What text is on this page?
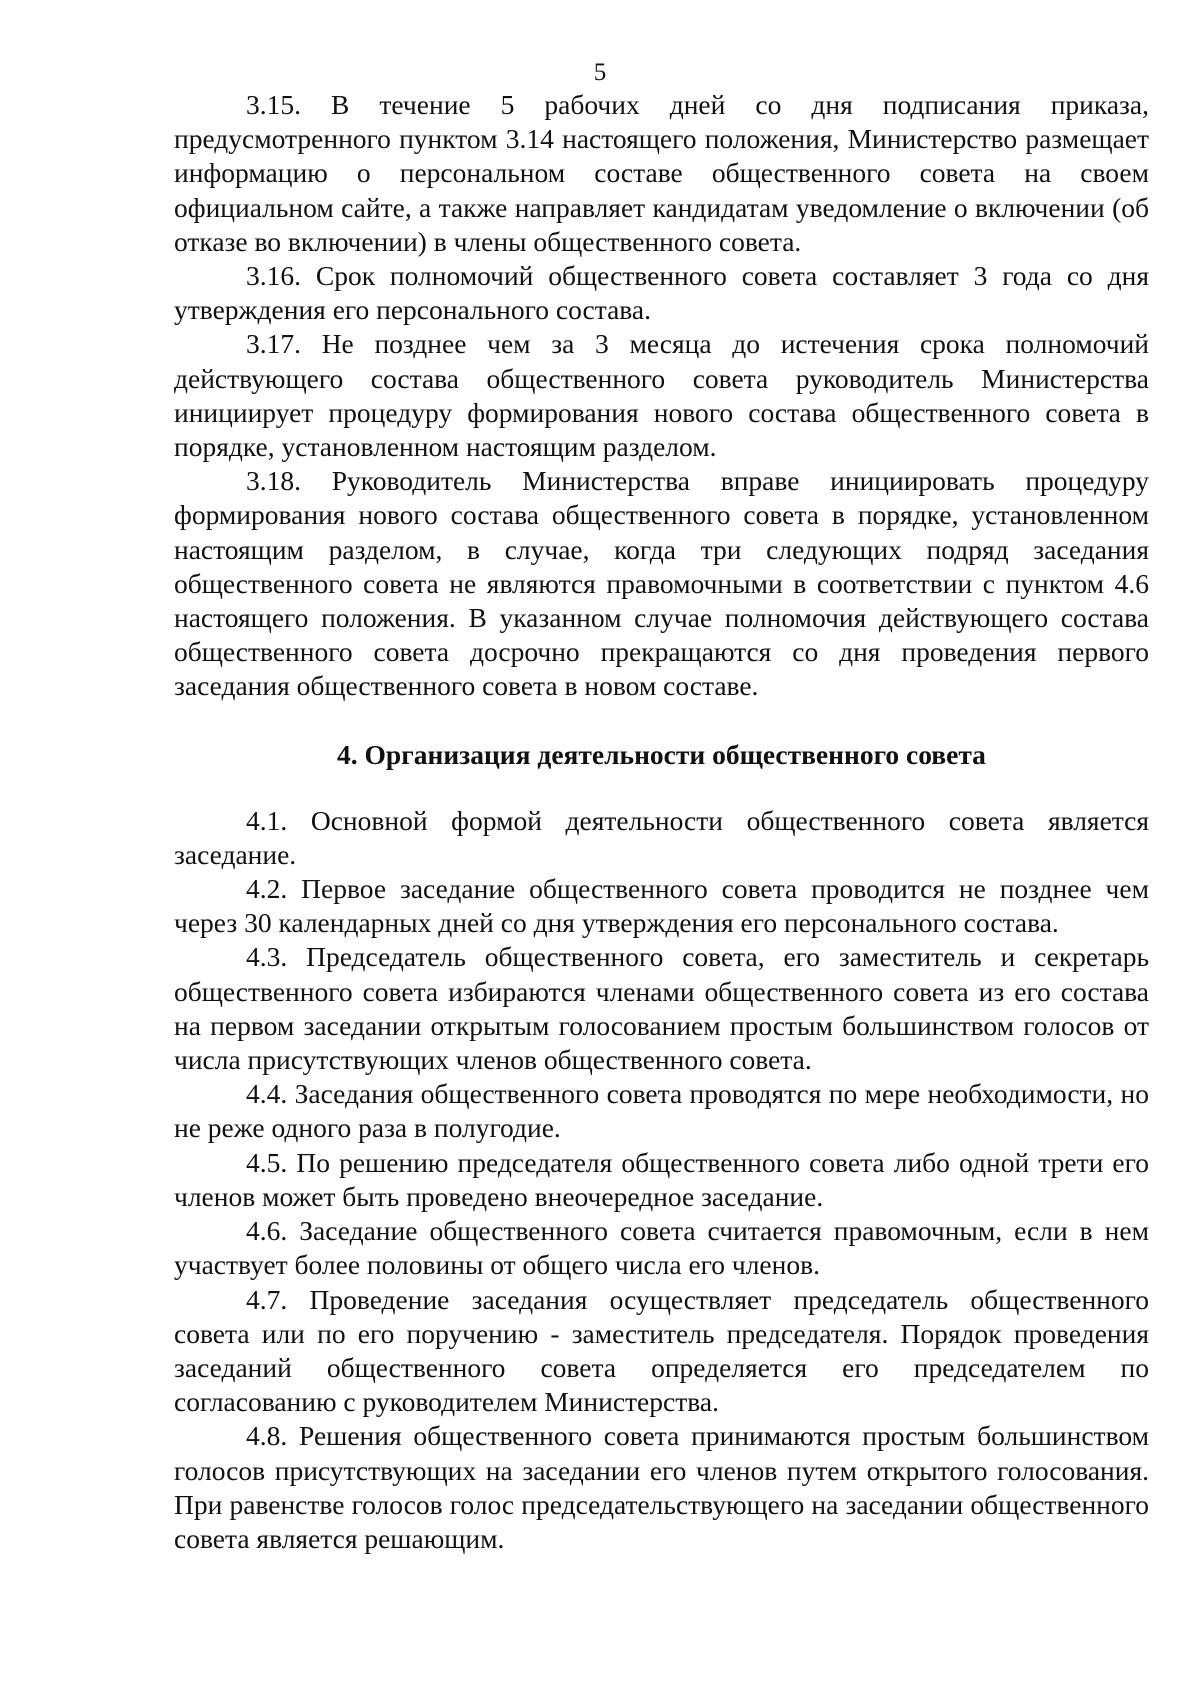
5

3.15. В течение 5 рабочих дней со дня подписания приказа, предусмотренного пунктом 3.14 настоящего положения, Министерство размещает информацию о персональном составе общественного совета на своем официальном сайте, а также направляет кандидатам уведомление о включении (об отказе во включении) в члены общественного совета.

3.16. Срок полномочий общественного совета составляет 3 года со дня утверждения его персонального состава.

3.17. Не позднее чем за 3 месяца до истечения срока полномочий действующего состава общественного совета руководитель Министерства инициирует процедуру формирования нового состава общественного совета в порядке, установленном настоящим разделом.

3.18. Руководитель Министерства вправе инициировать процедуру формирования нового состава общественного совета в порядке, установленном настоящим разделом, в случае, когда три следующих подряд заседания общественного совета не являются правомочными в соответствии с пунктом 4.6 настоящего положения. В указанном случае полномочия действующего состава общественного совета досрочно прекращаются со дня проведения первого заседания общественного совета в новом составе.

4. Организация деятельности общественного совета

4.1. Основной формой деятельности общественного совета является заседание.

4.2. Первое заседание общественного совета проводится не позднее чем через 30 календарных дней со дня утверждения его персонального состава.

4.3. Председатель общественного совета, его заместитель и секретарь общественного совета избираются членами общественного совета из его состава на первом заседании открытым голосованием простым большинством голосов от числа присутствующих членов общественного совета.

4.4. Заседания общественного совета проводятся по мере необходимости, но не реже одного раза в полугодие.

4.5. По решению председателя общественного совета либо одной трети его членов может быть проведено внеочередное заседание.

4.6. Заседание общественного совета считается правомочным, если в нем участвует более половины от общего числа его членов.

4.7. Проведение заседания осуществляет председатель общественного совета или по его поручению - заместитель председателя. Порядок проведения заседаний общественного совета определяется его председателем по согласованию с руководителем Министерства.

4.8. Решения общественного совета принимаются простым большинством голосов присутствующих на заседании его членов путем открытого голосования. При равенстве голосов голос председательствующего на заседании общественного совета является решающим.
